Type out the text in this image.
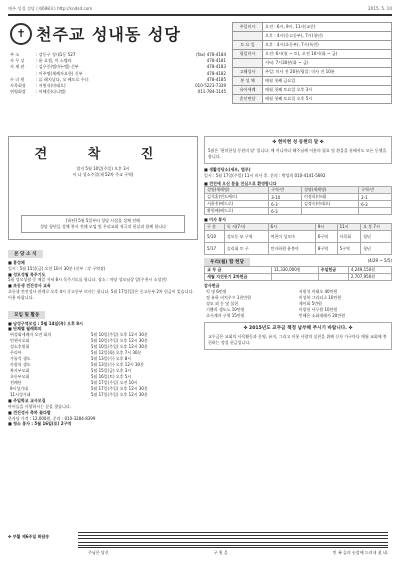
매주 성경 성당 (제698호) http://sndsd.com	2015. 5. 10
✝ 천주교 성내동 성당
주 소	: 강동구 성내1동 527	(fax) 478-4184
사 무 실	: 윤 요셉, 이 스텔라	478-4181
사 제 관	: 김우중(엘마누엘) 신부	478-4183
: 이주명(세례자요한) 신부	478-4182
수 녀 원	: 류 레지날다, 오 베드로 수녀	478-4185
사목회장	: 서원식(마태오)	010-5223-7339
연령회장	: 이해웅(다니엘)	011-784-1145
주일미사	오전 : 6시, 9시, 11시(교중)
	오후 : 4시(중고등부), 7시(청년)
토 요 일	오후 : 4시(초등부), 7시(특전)
평일미사	오전: 6시(월 ~ 토), 오전 10시(화 ~ 금)
	저녁: 7시30분(화 ~ 금)
고해성사	주일: 미사 전 20분/평일: 미사 전 10분
봉 성 체	매월 첫째 금요일
유아세례	매월 첫째 토요일 오후 3시
혼인면담	매월 첫째 토요일 오후 5시
견 착 진
엄지 5월 10일(주일) 오후 3시
이 나 성소주일(제 52차 주교 구역)
[하단] 5월 5일부터 성당 시설물 성체 전례
성당 청년들 성체 봉사 전례 모임 및 우리교회 적극적 헌실과 함께 합니다
본 당 소 식
■ 봉성체
일시 : 5월 15일(금) 오전 10시 30분 (신부 : 각 구역장)
■ 성모성월 묵주기도
5월 성모성월 중 매일 저녁 8시 묵주기도를 합니다. 장소 : 마당 성모님상 앞(우천시 소성전)
■ 초등생 견진성사 교육
초등생 견진성사 관계로 오후 4시 중고등부 미사는 합니다. 5월 17일(일)은 중고등부 2차 헌금이 있습니다. 이용 바랍니다.
모임 및 활동
■ 남성구역모임 : 5월 14일(목) 오후 8시
■ 단체별 월례회의
여성회세례자 오전 회의	5월 10일(주일) 오후 12시 30분
빈첸시오회	5월 10일(주일) 오후 12시 30분
성소후원회	5월 10일(주일) 오후 12시 30분
꾸리아	5월 12일(화) 오후 7시 30분
가톨릭 생도	5월 13일(수) 오후 8시
사랑의 생도	5월 13일(수) 오후 12시 30분
복사부모회	5월 15일(금) 오후 3시
초등부모회	5월 16일(토) 오후 5시
전례단	5월 17일(주일) 오전 10시
9시성가대	5월 17일(주일) 오후 12시 30분
11시성가대	5월 17일(주일) 오후 12시 30분
■ 주일학교 교사모집
아이들을 사랑하시는 분을 찾습니다.
■ 견진성사 축하 꽃다발
한자당 가격 : 12,000원, 문의 : 010-3284-8399
■ 청소 봉사 : 5월 16일(토) 2구역
✤ 현미현 성 동현의 달 ✤
5월은 '현미한성 동현의 달' 입니다. 매 끼니마다 해주님께 이웃의 필요 및 환을을 통해서도 모든 동행을 합니다.
■ 생활성당소(세우, 법무)
일시 : 5월 17일(주일) 11시 미사 후. 문의 : 박성희 010-4141-5692
■ 견진에 오신 분을 진심으로 환영합니다
성명(세례명)	구역-반	성명(세례명)	구역-반
김석훈(빈도베르)	3-10	이정희(마태)	2-1
서윤홍(베드로)	6-3	김정숙(마태오)	6-3
황원배(베드로)	6-3		
■ 미사 봉사
구 분	독 서(7시)	6시	9시	11시	오 후 7시
5/10	성모동 보 구역	여천이 성모마	6구역	사목회	청년
5/17	승리회 토 구	민자하원 윤봉마	8구역	5구역	청년
우리(월) 함 헌당	(4/29 ~ 5/5)
교 무 금	11,330,000원	주일헌금	4,249,150원
세월 지진동기 2차헌금			2,707,950원
감사헌금
익 명 6번원	서원석 마태오 40만원
정 유하 비치우프 1천만원	이성복 그라티스 10만원
성모 외 동 및 물헌	제이회 5만원
기쁨의 생도노 10만원	이광헌 사무원 10만원
초시계자 구역 15만원	민해은 소화데레사 20만원
✤ 2015년도 교무금 책정 납부해 주시기 바랍니다. ✤
교무금은 교회의 사목활동과 운영, 유지, 그리고 이웃 사랑의 실천을 위해 신자 가구마다 매월 교회에 봉헌하는 정성 헌금입니다.
✤ 부활 제6주일 화답송
주님은 당신	구 원 을	민 족 들의 눈앞에 드러내 셨 네.
